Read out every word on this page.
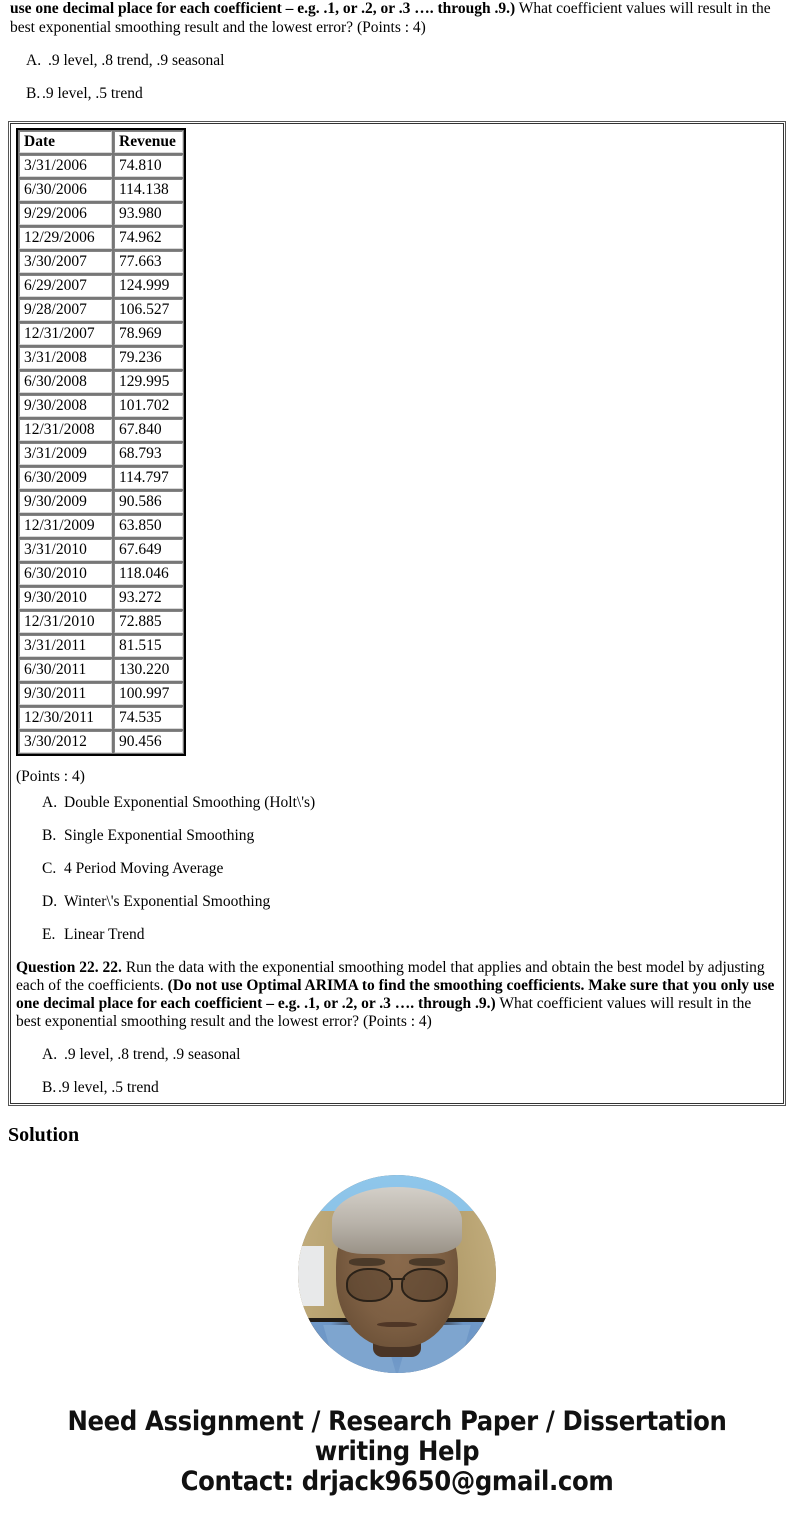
use one decimal place for each coefficient – e.g. .1, or .2, or .3 …. through .9.) What coefficient values will result in the best exponential smoothing result and the lowest error? (Points : 4)

A. .9 level, .8 trend, .9 seasonal
B. .9 level, .5 trend
Date	Revenue
3/31/2006	74.810
6/30/2006	114.138
9/29/2006	93.980
12/29/2006	74.962
3/30/2007	77.663
6/29/2007	124.999
9/28/2007	106.527
12/31/2007	78.969
3/31/2008	79.236
6/30/2008	129.995
9/30/2008	101.702
12/31/2008	67.840
3/31/2009	68.793
6/30/2009	114.797
9/30/2009	90.586
12/31/2009	63.850
3/31/2010	67.649
6/30/2010	118.046
9/30/2010	93.272
12/31/2010	72.885
3/31/2011	81.515
6/30/2011	130.220
9/30/2011	100.997
12/30/2011	74.535
3/30/2012	90.456
(Points : 4)
A. Double Exponential Smoothing (Holt\'s)
B. Single Exponential Smoothing
C. 4 Period Moving Average
D. Winter\'s Exponential Smoothing
E. Linear Trend

Question 22. 22. Run the data with the exponential smoothing model that applies and obtain the best model by adjusting each of the coefficients. (Do not use Optimal ARIMA to find the smoothing coefficients. Make sure that you only use one decimal place for each coefficient – e.g. .1, or .2, or .3 …. through .9.) What coefficient values will result in the best exponential smoothing result and the lowest error? (Points : 4)

A. .9 level, .8 trend, .9 seasonal
B. .9 level, .5 trend
Solution
Need Assignment / Research Paper / Dissertation
writing Help
Contact: drjack9650@gmail.com
